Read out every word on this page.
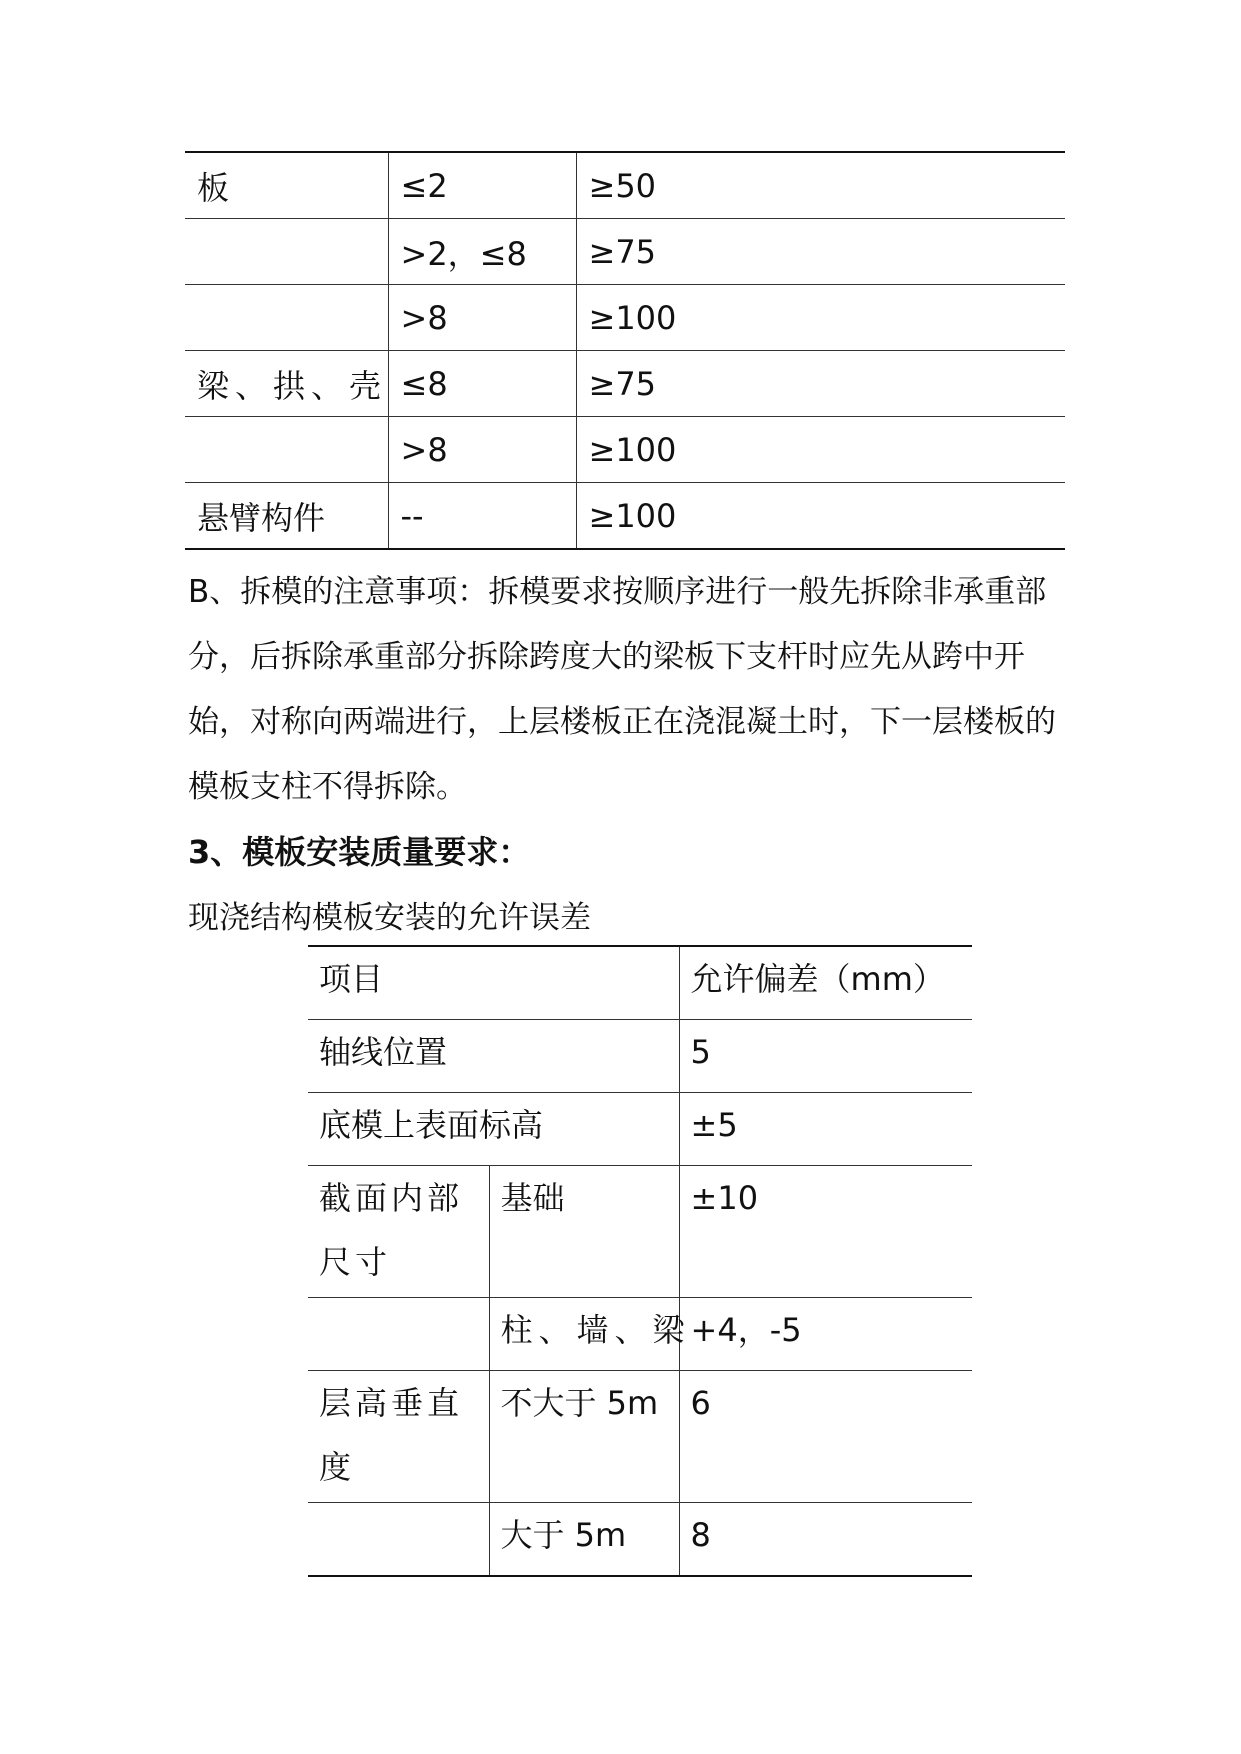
板	≤2	≥50
	>2，≤8	≥75
	>8	≥100
梁、拱、壳	≤8	≥75
	>8	≥100
悬臂构件	--	≥100

B、拆模的注意事项：拆模要求按顺序进行一般先拆除非承重部分，后拆除承重部分拆除跨度大的梁板下支杆时应先从跨中开始，对称向两端进行，上层楼板正在浇混凝土时，下一层楼板的模板支柱不得拆除。

3、模板安装质量要求：

现浇结构模板安装的允许误差

项目		允许偏差（mm）
轴线位置		5
底模上表面标高		±5
截面内部尺寸	基础	±10
	柱、墙、梁	+4，-5
层高垂直度	不大于 5m	6
	大于 5m	8
